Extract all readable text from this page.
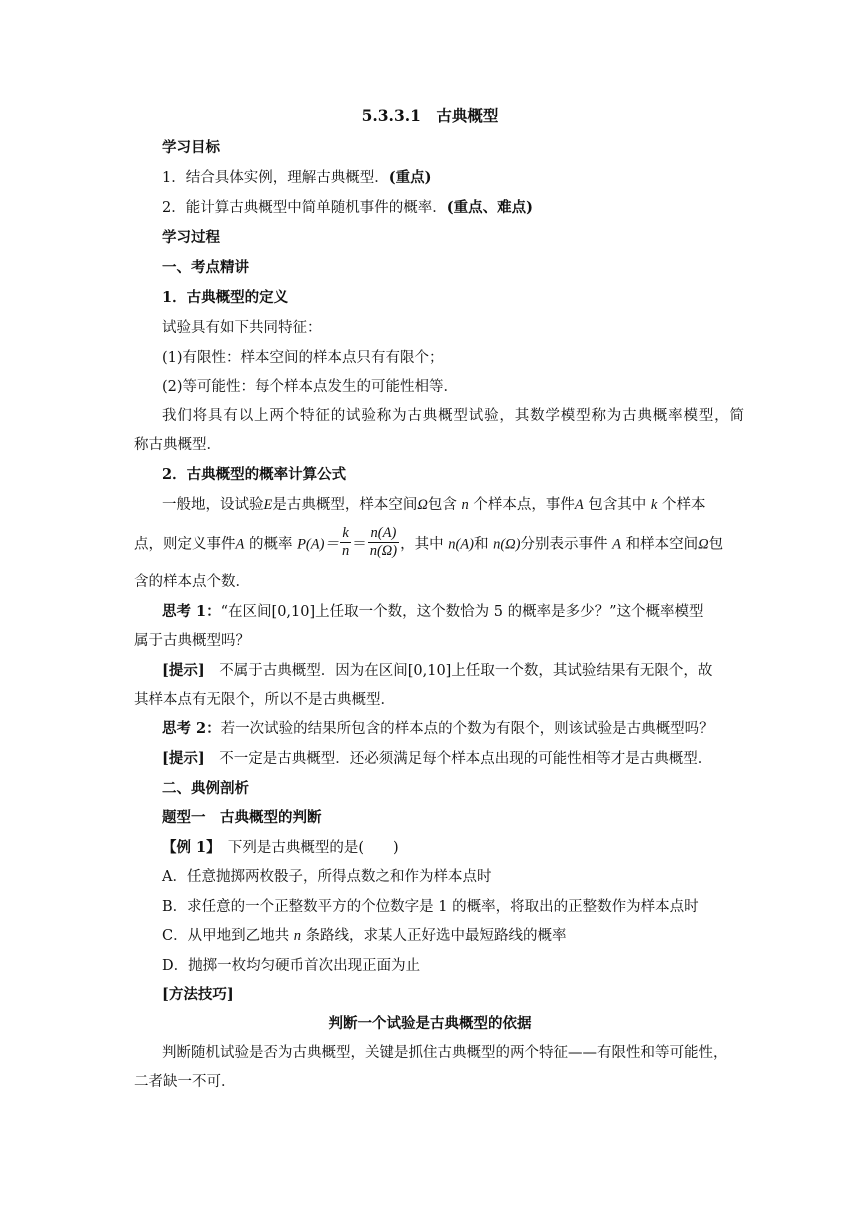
5.3.3.1　古典概型
学习目标
1．结合具体实例，理解古典概型．(重点)
2．能计算古典概型中简单随机事件的概率．(重点、难点)
学习过程
一、考点精讲
1．古典概型的定义
试验具有如下共同特征：
(1)有限性：样本空间的样本点只有有限个；
(2)等可能性：每个样本点发生的可能性相等．
我们将具有以上两个特征的试验称为古典概型试验，其数学模型称为古典概率模型，简
称古典概型．
2．古典概型的概率计算公式
一般地，设试验E是古典概型，样本空间Ω包含 n 个样本点，事件A 包含其中 k 个样本
点，则定义事件A 的概率 $P(A)= \frac{k}{n} = \frac{n(A)}{n(\Omega)}$ ，其中 n(A)和 n(Ω)分别表示事件 A 和样本空间Ω包
含的样本点个数．
思考 1：“在区间[0,10]上任取一个数，这个数恰为 5 的概率是多少？”这个概率模型
属于古典概型吗？
[提示]　 不属于古典概型．因为在区间[0,10]上任取一个数，其试验结果有无限个，故
其样本点有无限个，所以不是古典概型．
思考 2：若一次试验的结果所包含的样本点的个数为有限个，则该试验是古典概型吗？
[提示]　 不一定是古典概型．还必须满足每个样本点出现的可能性相等才是古典概型．
二、典例剖析
题型一　古典概型的判断
【例 1】　 下列是古典概型的是(　　)
A．任意抛掷两枚骰子，所得点数之和作为样本点时
B．求任意的一个正整数平方的个位数字是 1 的概率，将取出的正整数作为样本点时
C．从甲地到乙地共 n 条路线，求某人正好选中最短路线的概率
D．抛掷一枚均匀硬币首次出现正面为止
[方法技巧]
判断一个试验是古典概型的依据
判断随机试验是否为古典概型，关键是抓住古典概型的两个特征——有限性和等可能性，
二者缺一不可．
